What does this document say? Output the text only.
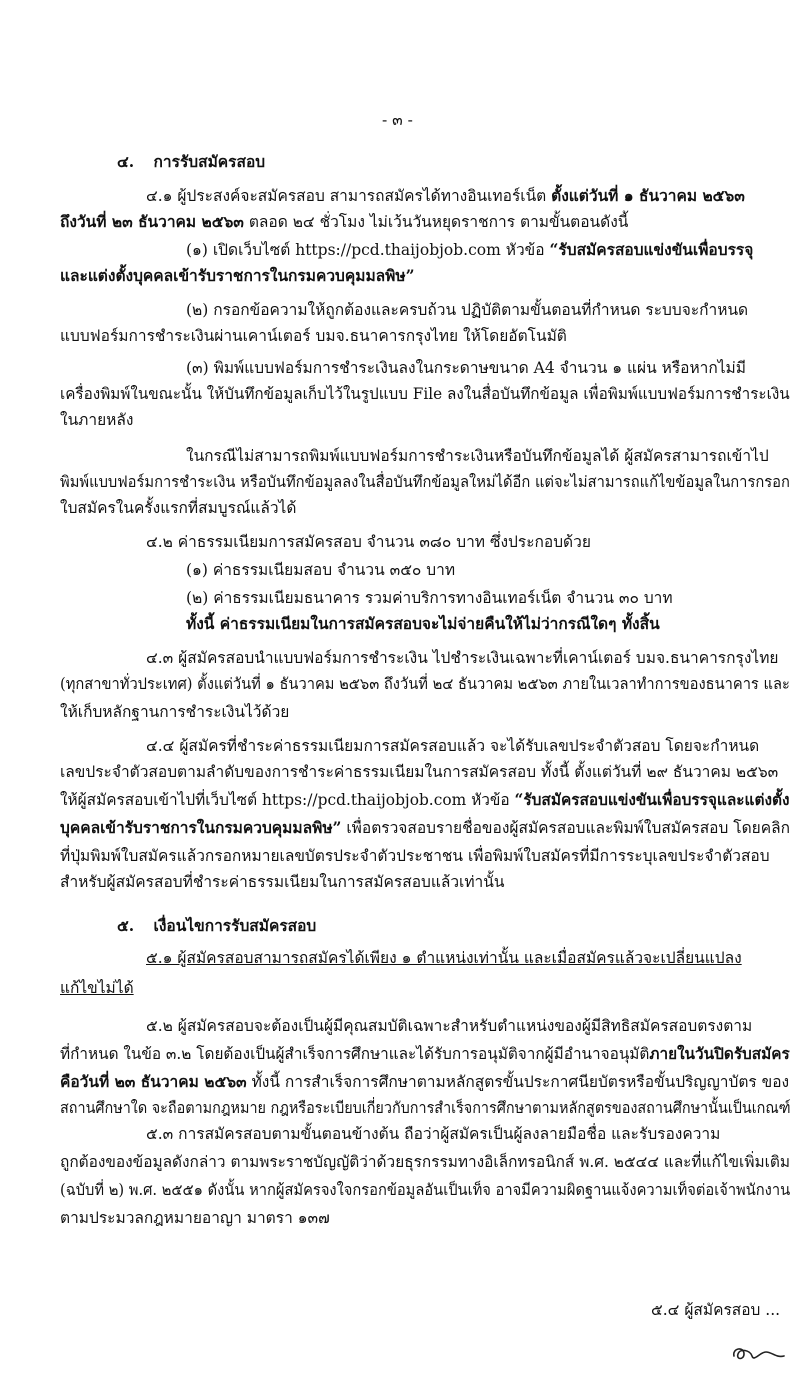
- ๓ -
๔. การรับสมัครสอบ
๔.๑ ผู้ประสงค์จะสมัครสอบ สามารถสมัครได้ทางอินเทอร์เน็ต ตั้งแต่วันที่ ๑ ธันวาคม ๒๕๖๓
ถึงวันที่ ๒๓ ธันวาคม ๒๕๖๓ ตลอด ๒๔ ชั่วโมง ไม่เว้นวันหยุดราชการ ตามขั้นตอนดังนี้
(๑) เปิดเว็บไซต์ https://pcd.thaijobjob.com หัวข้อ “รับสมัครสอบแข่งขันเพื่อบรรจุ
และแต่งตั้งบุคคลเข้ารับราชการในกรมควบคุมมลพิษ”
(๒) กรอกข้อความให้ถูกต้องและครบถ้วน ปฏิบัติตามขั้นตอนที่กำหนด ระบบจะกำหนด
แบบฟอร์มการชำระเงินผ่านเคาน์เตอร์ บมจ.ธนาคารกรุงไทย ให้โดยอัตโนมัติ
(๓) พิมพ์แบบฟอร์มการชำระเงินลงในกระดาษขนาด A4 จำนวน ๑ แผ่น หรือหากไม่มี
เครื่องพิมพ์ในขณะนั้น ให้บันทึกข้อมูลเก็บไว้ในรูปแบบ File ลงในสื่อบันทึกข้อมูล เพื่อพิมพ์แบบฟอร์มการชำระเงิน
ในภายหลัง
ในกรณีไม่สามารถพิมพ์แบบฟอร์มการชำระเงินหรือบันทึกข้อมูลได้ ผู้สมัครสามารถเข้าไป
พิมพ์แบบฟอร์มการชำระเงิน หรือบันทึกข้อมูลลงในสื่อบันทึกข้อมูลใหม่ได้อีก แต่จะไม่สามารถแก้ไขข้อมูลในการกรอก
ใบสมัครในครั้งแรกที่สมบูรณ์แล้วได้
๔.๒ ค่าธรรมเนียมการสมัครสอบ จำนวน ๓๘๐ บาท ซึ่งประกอบด้วย
(๑) ค่าธรรมเนียมสอบ จำนวน ๓๕๐ บาท
(๒) ค่าธรรมเนียมธนาคาร รวมค่าบริการทางอินเทอร์เน็ต จำนวน ๓๐ บาท
ทั้งนี้ ค่าธรรมเนียมในการสมัครสอบจะไม่จ่ายคืนให้ไม่ว่ากรณีใดๆ ทั้งสิ้น
๔.๓ ผู้สมัครสอบนำแบบฟอร์มการชำระเงิน ไปชำระเงินเฉพาะที่เคาน์เตอร์ บมจ.ธนาคารกรุงไทย
(ทุกสาขาทั่วประเทศ) ตั้งแต่วันที่ ๑ ธันวาคม ๒๕๖๓ ถึงวันที่ ๒๔ ธันวาคม ๒๕๖๓ ภายในเวลาทำการของธนาคาร และ
ให้เก็บหลักฐานการชำระเงินไว้ด้วย
๔.๔ ผู้สมัครที่ชำระค่าธรรมเนียมการสมัครสอบแล้ว จะได้รับเลขประจำตัวสอบ โดยจะกำหนด
เลขประจำตัวสอบตามลำดับของการชำระค่าธรรมเนียมในการสมัครสอบ ทั้งนี้ ตั้งแต่วันที่ ๒๙ ธันวาคม ๒๕๖๓
ให้ผู้สมัครสอบเข้าไปที่เว็บไซต์ https://pcd.thaijobjob.com หัวข้อ “รับสมัครสอบแข่งขันเพื่อบรรจุและแต่งตั้ง
บุคคลเข้ารับราชการในกรมควบคุมมลพิษ” เพื่อตรวจสอบรายชื่อของผู้สมัครสอบและพิมพ์ใบสมัครสอบ โดยคลิก
ที่ปุ่มพิมพ์ใบสมัครแล้วกรอกหมายเลขบัตรประจำตัวประชาชน เพื่อพิมพ์ใบสมัครที่มีการระบุเลขประจำตัวสอบ
สำหรับผู้สมัครสอบที่ชำระค่าธรรมเนียมในการสมัครสอบแล้วเท่านั้น
๕. เงื่อนไขการรับสมัครสอบ
๕.๑ ผู้สมัครสอบสามารถสมัครได้เพียง ๑ ตำแหน่งเท่านั้น และเมื่อสมัครแล้วจะเปลี่ยนแปลง
แก้ไขไม่ได้
๕.๒ ผู้สมัครสอบจะต้องเป็นผู้มีคุณสมบัติเฉพาะสำหรับตำแหน่งของผู้มีสิทธิสมัครสอบตรงตาม
ที่กำหนด ในข้อ ๓.๒ โดยต้องเป็นผู้สำเร็จการศึกษาและได้รับการอนุมัติจากผู้มีอำนาจอนุมัติภายในวันปิดรับสมัคร
คือวันที่ ๒๓ ธันวาคม ๒๕๖๓ ทั้งนี้ การสำเร็จการศึกษาตามหลักสูตรขั้นประกาศนียบัตรหรือขั้นปริญญาบัตร ของ
สถานศึกษาใด จะถือตามกฎหมาย กฎหรือระเบียบเกี่ยวกับการสำเร็จการศึกษาตามหลักสูตรของสถานศึกษานั้นเป็นเกณฑ์
๕.๓ การสมัครสอบตามขั้นตอนข้างต้น ถือว่าผู้สมัครเป็นผู้ลงลายมือชื่อ และรับรองความ
ถูกต้องของข้อมูลดังกล่าว ตามพระราชบัญญัติว่าด้วยธุรกรรมทางอิเล็กทรอนิกส์ พ.ศ. ๒๕๔๔ และที่แก้ไขเพิ่มเติม
(ฉบับที่ ๒) พ.ศ. ๒๕๕๑ ดังนั้น หากผู้สมัครจงใจกรอกข้อมูลอันเป็นเท็จ อาจมีความผิดฐานแจ้งความเท็จต่อเจ้าพนักงาน
ตามประมวลกฎหมายอาญา มาตรา ๑๓๗
๕.๔ ผู้สมัครสอบ ...
